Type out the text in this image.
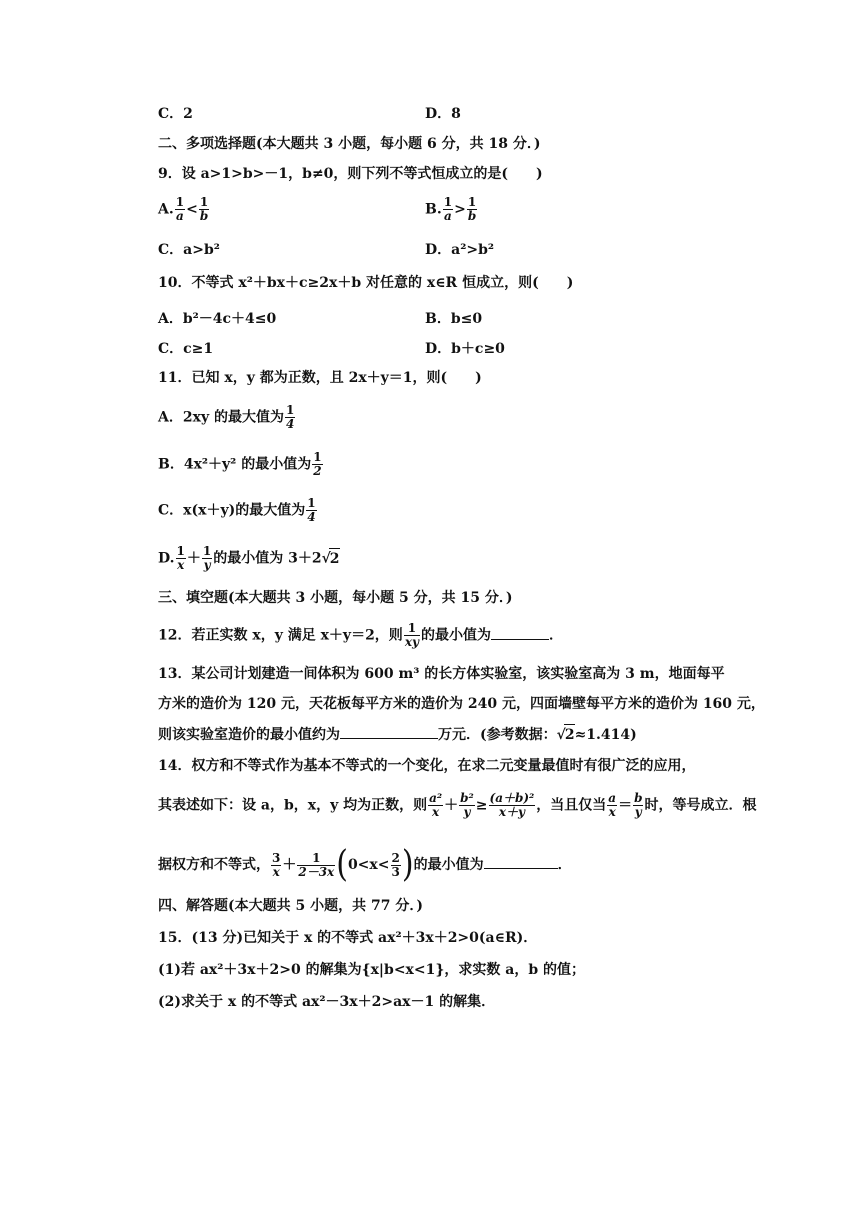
C．2	D．8
二、多项选择题(本大题共 3 小题，每小题 6 分，共 18 分．)
9．设 a>1>b>－1，b≠0，则下列不等式恒成立的是(　　)
A. $\frac{1}{a} < \frac{1}{b}$	B. $\frac{1}{a} > \frac{1}{b}$
C．a>b²	D．a²>b²
10．不等式 x²＋bx＋c≥2x＋b 对任意的 x∈R 恒成立，则(　　)
A．b²－4c＋4≤0	B．b≤0
C．c≥1	D．b＋c≥0
11．已知 x，y 都为正数，且 2x＋y＝1，则(　　)
A．2xy 的最大值为 $\frac{1}{4}$
B．4x²＋y² 的最小值为 $\frac{1}{2}$
C．x(x＋y)的最大值为 $\frac{1}{4}$
D. $\frac{1}{x} + \frac{1}{y}$ 的最小值为 3＋2√2
三、填空题(本大题共 3 小题，每小题 5 分，共 15 分．)
12．若正实数 x，y 满足 x＋y＝2，则 $\frac{1}{xy}$ 的最小值为	．
13．某公司计划建造一间体积为 600 m³ 的长方体实验室，该实验室高为 3 m，地面每平
方米的造价为 120 元，天花板每平方米的造价为 240 元，四面墙壁每平方米的造价为 160 元，
则该实验室造价的最小值约为	万元．(参考数据：√2≈1.414)
14．权方和不等式作为基本不等式的一个变化，在求二元变量最值时有很广泛的应用，
其表述如下：设 a，b，x，y 均为正数，则 $\frac{\text{a²}}{x} + \frac{\text{b²}}{y} \ge \frac{\text{(a＋b)²}}{x+y}$ ，当且仅当 $\frac{a}{x} = \frac{b}{y}$ 时，等号成立．根
据权方和不等式， $\frac{3}{x} + \frac{1}{2-3x} (0<x< \frac{2}{3}$ )的最小值为	．
四、解答题(本大题共 5 小题，共 77 分．)
15．(13 分)已知关于 x 的不等式 ax²＋3x＋2>0(a∈R)．
(1)若 ax²＋3x＋2>0 的解集为{x|b<x<1}，求实数 a，b 的值；
(2)求关于 x 的不等式 ax²－3x＋2>ax－1 的解集．
